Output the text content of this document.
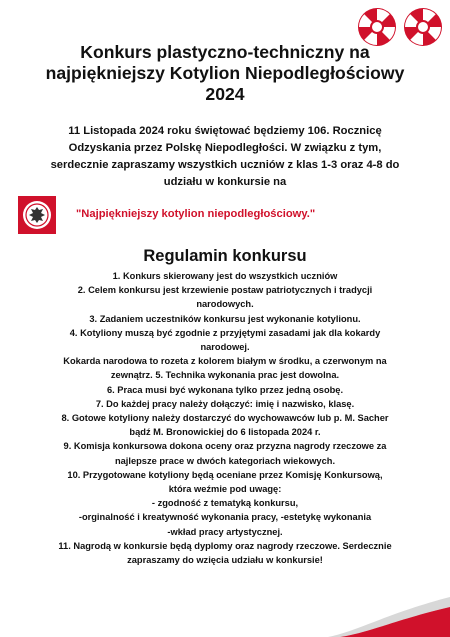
Konkurs plastyczno-techniczny na
najpiękniejszy Kotylion Niepodległościowy
2024

11 Listopada 2024 roku świętować będziemy 106. Rocznicę
Odzyskania przez Polskę Niepodległości. W związku z tym,
serdecznie zapraszamy wszystkich uczniów z klas 1-3 oraz 4-8 do
udziału w konkursie na

"Najpiękniejszy kotylion niepodległościowy."

Regulamin konkursu
1. Konkurs skierowany jest do wszystkich uczniów
2. Celem konkursu jest krzewienie postaw patriotycznych i tradycji
narodowych.
3. Zadaniem uczestników konkursu jest wykonanie kotylionu.
4. Kotyliony muszą być zgodnie z przyjętymi zasadami jak dla kokardy
narodowej.
Kokarda narodowa to rozeta z kolorem białym w środku, a czerwonym na
zewnątrz. 5. Technika wykonania prac jest dowolna.
6. Praca musi być wykonana tylko przez jedną osobę.
7. Do każdej pracy należy dołączyć: imię i nazwisko, klasę.
8. Gotowe kotyliony należy dostarczyć do wychowawców lub p. M. Sacher
bądź M. Bronowickiej do 6 listopada 2024 r.
9. Komisja konkursowa dokona oceny oraz przyzna nagrody rzeczowe za
najlepsze prace w dwóch kategoriach wiekowych.
10. Przygotowane kotyliony będą oceniane przez Komisję Konkursową,
która weźmie pod uwagę:
- zgodność z tematyką konkursu,
-orginalność i kreatywność wykonania pracy, -estetykę wykonania
-wkład pracy artystycznej.
11. Nagrodą w konkursie będą dyplomy oraz nagrody rzeczowe. Serdecznie
zapraszamy do wzięcia udziału w konkursie!
